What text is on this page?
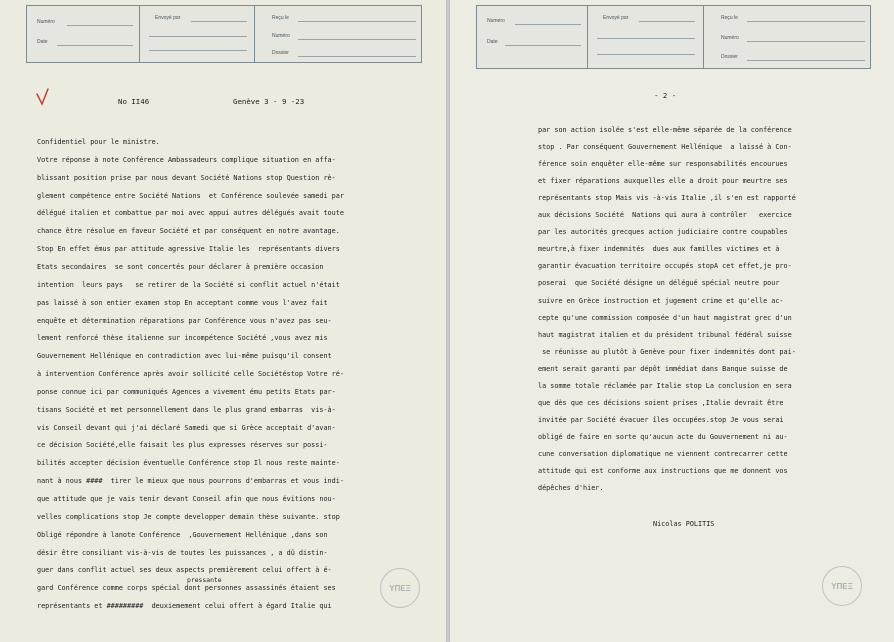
Numéro
Date
Envoyé par	Reçu le
Numéro
Dossier
No II46	Genève 3 - 9 -23
Confidentiel pour le ministre.
Votre réponse à note Conférence Ambassadeurs complique situation en affa-
blissant position prise par nous devant Société Nations stop Question rè-
glement compétence entre Société Nations  et Conférence soulevée samedi par
délégué italien et combattue par moi avec appui autres délégués avait toute
chance être résolue en faveur Société et par conséquent en notre avantage.
Stop En effet émus par attitude agressive Italie les  représentants divers
Etats secondaires  se sont concertés pour déclarer à première occasion
intention  leurs pays   se retirer de la Société si conflit actuel n'était
pas laissé à son entier examen stop En acceptant comme vous l'avez fait
enquête et détermination réparations par Conférence vous n'avez pas seu-
lement renforcé thèse italienne sur incompétence Société ,vous avez mis
Gouvernement Hellénique en contradiction avec lui-même puisqu'il consent
à intervention Conférence après avoir sollicité celle Sociétéstop Votre ré-
ponse connue ici par communiqués Agences a vivement ému petits Etats par-
tisans Société et met personnellement dans le plus grand embarras  vis-à-
vis Conseil devant qui j'ai déclaré Samedi que si Grèce acceptait d'avan-
ce décision Société,elle faisait les plus expresses réserves sur possi-
bilités accepter décision éventuelle Conférence stop Il nous reste mainte-
nant à nous ####  tirer le mieux que nous pourrons d'embarras et vous indi-
que attitude que je vais tenir devant Conseil afin que nous évitions nou-
velles complications stop Je compte developper demain thèse suivante. stop
Obligé répondre à lanote Conférence  ,Gouvernement Hellénique ,dans son
désir être consiliant vis-à-vis de toutes les puissances , a dû distin-
guer dans conflit actuel ses deux aspects premièrement celui offert à é-
gard Conférence comme corps spécial dont personnes assassinés étaient ses
représentants et #########  deuxiemement celui offert à égard Italie qui
pressante
ΥΠΕΞ
Numéro
Date
Envoyé par	Reçu le
Numéro
Dossier
- 2 -
par son action isolée s'est elle-même séparée de la conférence
stop . Par conséquent Gouvernement Hellénique  a laissé à Con-
férence soin enquêter elle-même sur responsabilités encourues
et fixer réparations auxquelles elle a droit pour meurtre ses
représentants stop Mais vis -à-vis Italie ,il s'en est rapporté
aux décisions Société  Nations qui aura à contrôler   exercice
par les autorités grecques action judiciaire contre coupables
meurtre,à fixer indemnités  dues aux familles victimes et à
garantir évacuation territoire occupés stopA cet effet,je pro-
poserai  que Société désigne un délégué spécial neutre pour
suivre en Grèce instruction et jugement crime et qu'elle ac-
cepte qu'une commission composée d'un haut magistrat grec d'un
haut magistrat italien et du président tribunal fédéral suisse
se réunisse au plutôt à Genève pour fixer indemnités dont pai-
ement serait garanti par dépôt immédiat dans Banque suisse de
la somme totale réclamée par Italie stop La conclusion en sera
que dès que ces décisions soient prises ,Italie devrait être
invitée par Société évacuer îles occupées.stop Je vous serai
obligé de faire en sorte qu'aucun acte du Gouvernement ni au-
cune conversation diplomatique ne viennent contrecarrer cette
attitude qui est conforme aux instructions que me donnent vos
dépêches d'hier.
Nicolas POLITIS
ΥΠΕΞ
